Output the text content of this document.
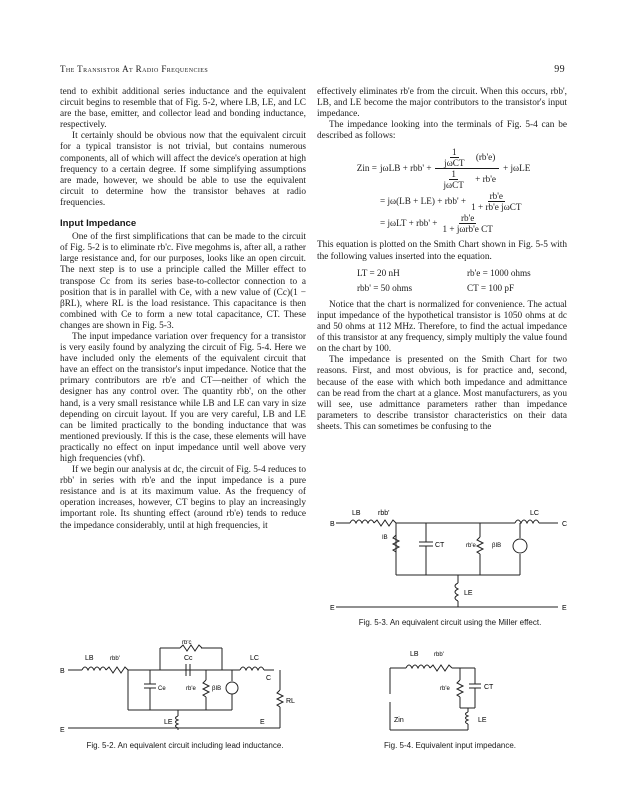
The Transistor At Radio Frequencies	99

tend to exhibit additional series inductance and the equivalent circuit begins to resemble that of Fig. 5-2, where LB, LE, and LC are the base, emitter, and collector lead and bonding inductance, respectively.

It certainly should be obvious now that the equivalent circuit for a typical transistor is not trivial, but contains numerous components, all of which will affect the device's operation at high frequency to a certain degree. If some simplifying assumptions are made, however, we should be able to use the equivalent circuit to determine how the transistor behaves at radio frequencies.

Input Impedance

One of the first simplifications that can be made to the circuit of Fig. 5-2 is to eliminate rb'c. Five megohms is, after all, a rather large resistance and, for our purposes, looks like an open circuit. The next step is to use a principle called the Miller effect to transpose Cc from its series base-to-collector connection to a position that is in parallel with Ce, with a new value of (Cc)(1 − βRL), where RL is the load resistance. This capacitance is then combined with Ce to form a new total capacitance, CT. These changes are shown in Fig. 5-3.

The input impedance variation over frequency for a transistor is very easily found by analyzing the circuit of Fig. 5-4. Here we have included only the elements of the equivalent circuit that have an effect on the transistor's input impedance. Notice that the primary contributors are rb'e and CT—neither of which the designer has any control over. The quantity rbb', on the other hand, is a very small resistance while LB and LE can vary in size depending on circuit layout. If you are very careful, LB and LE can be limited practically to the bonding inductance that was mentioned previously. If this is the case, these elements will have practically no effect on input impedance until well above very high frequencies (vhf).

If we begin our analysis at dc, the circuit of Fig. 5-4 reduces to rbb' in series with rb'e and the input impedance is a pure resistance and is at its maximum value. As the frequency of operation increases, however, CT begins to play an increasingly important role. Its shunting effect (around rb'e) tends to reduce the impedance considerably, until at high frequencies, it

effectively eliminates rb'e from the circuit. When this occurs, rbb', LB, and LE become the major contributors to the transistor's input impedance.

The impedance looking into the terminals of Fig. 5-4 can be described as follows:

Zin = $j\omega LB + rbb' + \frac{\frac{1}{\text{jωCT}} (rb'e)}{\frac{1}{\text{jωCT}} + rb'e} + j\omega LE$
= $j\omega(LB + LE) + rbb' + \frac{rb'e}{\text{1 + rb'e jωCT}}$
= $j\omega LT + rbb' + \frac{rb'e}{\text{1 + jωrb'e CT}}$

This equation is plotted on the Smith Chart shown in Fig. 5-5 with the following values inserted into the equation.

LT = 20 nH	rb'e = 1000 ohms
rbb' = 50 ohms	CT = 100 pF

Notice that the chart is normalized for convenience. The actual input impedance of the hypothetical transistor is 1050 ohms at dc and 50 ohms at 112 MHz. Therefore, to find the actual impedance of this transistor at any frequency, simply multiply the value found on the chart by 100.

The impedance is presented on the Smith Chart for two reasons. First, and most obvious, is for practice and, second, because of the ease with which both impedance and admittance can be read from the chart at a glance. Most manufacturers, as you will see, use admittance parameters rather than impedance parameters to describe transistor characteristics on their data sheets. This can sometimes be confusing to the

B
LB rbb'	LC
C
CT	rb'e	βIB
IB
LE
E	E
Fig. 5-3. An equivalent circuit using the Miller effect.
B
LB	rbb'
rb'c
Cc	LC
C
Ce	rb'e	βIB
RL
LE	E
E
Fig. 5-2. An equivalent circuit including lead inductance.
LB	rbb'
rb'e	CT
LE
Zin
Fig. 5-4. Equivalent input impedance.
